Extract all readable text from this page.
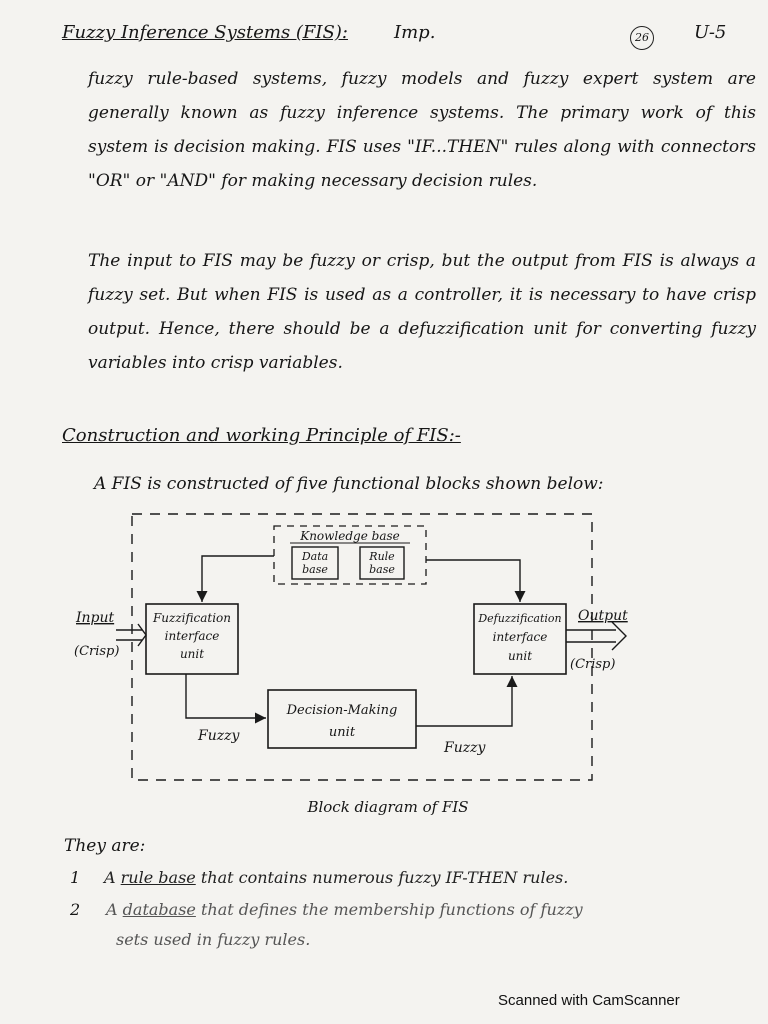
Fuzzy Inference Systems (FIS):	Imp.	26	U-5
fuzzy rule-based systems, fuzzy models and fuzzy expert system are generally known as fuzzy inference systems. The primary work of this system is decision making. FIS uses "IF...THEN" rules along with connectors "OR" or "AND" for making necessary decision rules.
The input to FIS may be fuzzy or crisp, but the output from FIS is always a fuzzy set. But when FIS is used as a controller, it is necessary to have crisp output. Hence, there should be a defuzzification unit for converting fuzzy variables into crisp variables.
Construction and working Principle of FIS:-
A FIS is constructed of five functional blocks shown below:
Knowledge base
Data
base
Rule
base
Fuzzification
interface
unit
Defuzzification
interface
unit
Decision-Making
unit
Input
(Crisp)
Output
(Crisp)
Fuzzy
Fuzzy
Block diagram of FIS
They are:
1 A rule base that contains numerous fuzzy IF-THEN rules.
2 A database that defines the membership functions of fuzzy
sets used in fuzzy rules.
Scanned with CamScanner
